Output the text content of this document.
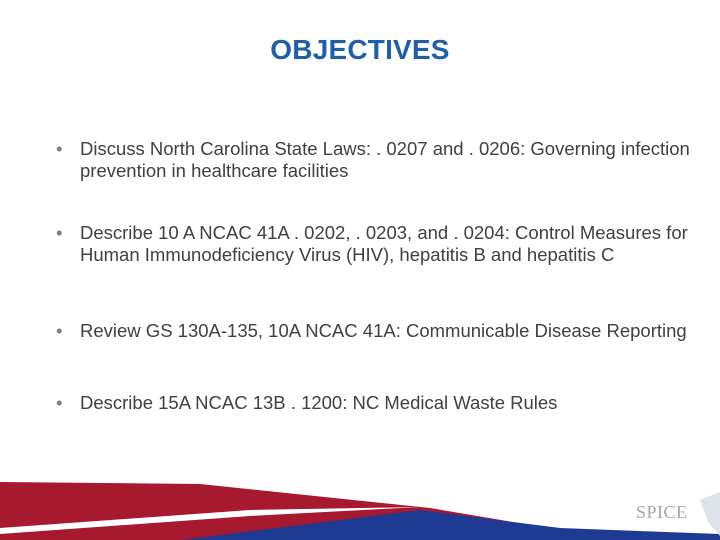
OBJECTIVES
• Discuss North Carolina State Laws: . 0207 and . 0206: Governing infection prevention in healthcare facilities
• Describe 10 A NCAC 41A . 0202, . 0203, and . 0204: Control Measures for Human Immunodeficiency Virus (HIV), hepatitis B and hepatitis C
• Review GS 130A-135, 10A NCAC 41A: Communicable Disease Reporting
• Describe 15A NCAC 13B . 1200: NC Medical Waste Rules
SPICE
